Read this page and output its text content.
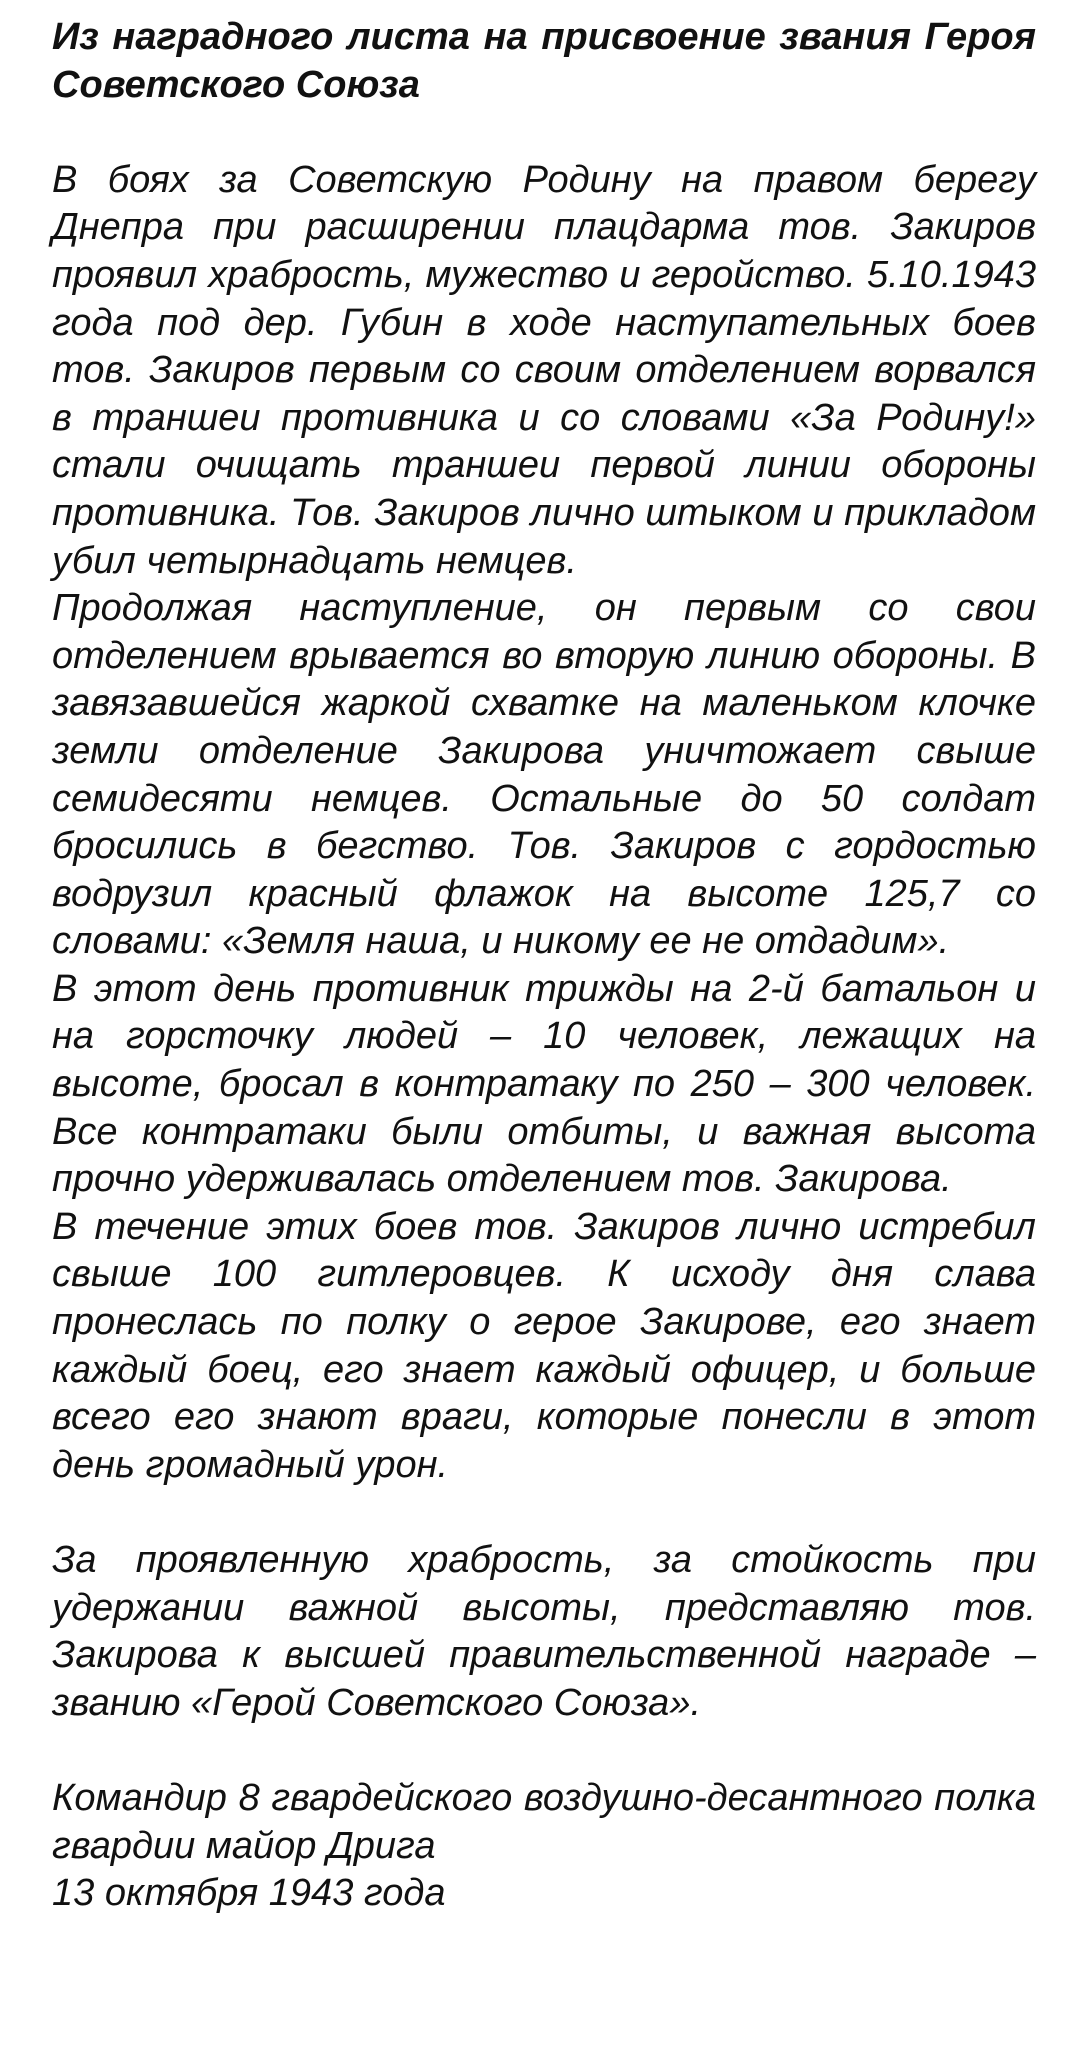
Из наградного листа на присвоение звания Героя Советского Союза

В боях за Советскую Родину на правом берегу Днепра при расширении плацдарма тов. Закиров проявил храбрость, мужество и геройство. 5.10.1943 года под дер. Губин в ходе наступательных боев тов. Закиров первым со своим отделением ворвался в траншеи противника и со словами «За Родину!» стали очищать траншеи первой линии обороны противника. Тов. Закиров лично штыком и прикладом убил четырнадцать немцев.

Продолжая наступление, он первым со свои отделением врывается во вторую линию обороны. В завязавшейся жаркой схватке на маленьком клочке земли отделение Закирова уничтожает свыше семидесяти немцев. Остальные до 50 солдат бросились в бегство. Тов. Закиров с гордостью водрузил красный флажок на высоте 125,7 со словами: «Земля наша, и никому ее не отдадим».

В этот день противник трижды на 2-й батальон и на горсточку людей – 10 человек, лежащих на высоте, бросал в контратаку по 250 – 300 человек. Все контратаки были отбиты, и важная высота прочно удерживалась отделением тов. Закирова.

В течение этих боев тов. Закиров лично истребил свыше 100 гитлеровцев. К исходу дня слава пронеслась по полку о герое Закирове, его знает каждый боец, его знает каждый офицер, и больше всего его знают враги, которые понесли в этот день громадный урон.

За проявленную храбрость, за стойкость при удержании важной высоты, представляю тов. Закирова к высшей правительственной награде – званию «Герой Советского Союза».

Командир 8 гвардейского воздушно-десантного полка гвардии майор Дрига

13 октября 1943 года
